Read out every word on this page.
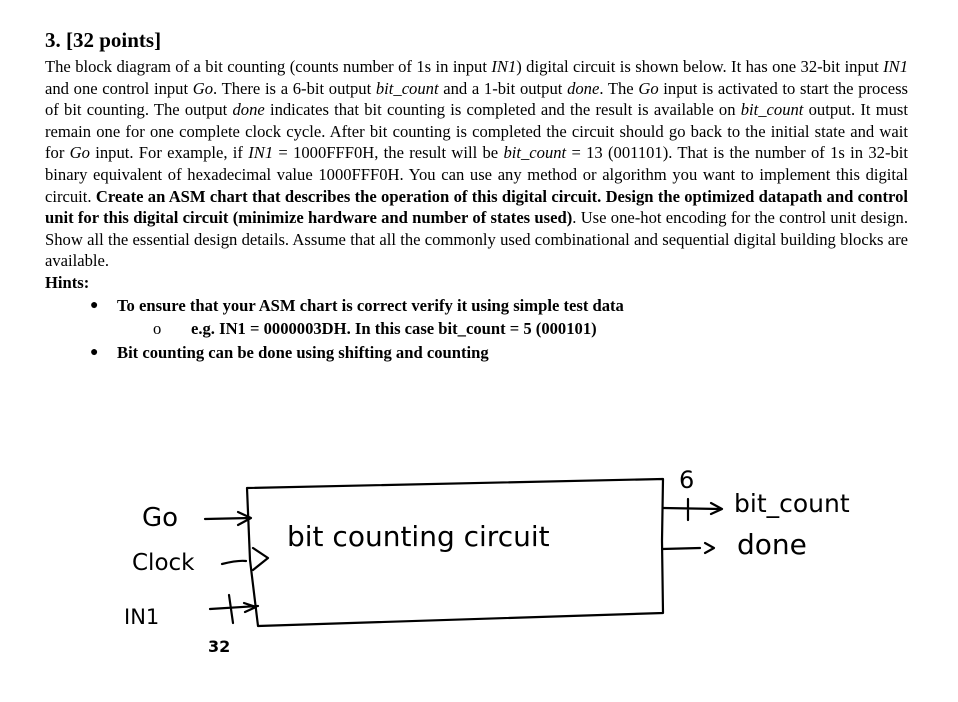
3. [32 points]

The block diagram of a bit counting (counts number of 1s in input IN1) digital circuit is shown below. It has one 32-bit input IN1 and one control input Go. There is a 6-bit output bit_count and a 1-bit output done. The Go input is activated to start the process of bit counting. The output done indicates that bit counting is completed and the result is available on bit_count output. It must remain one for one complete clock cycle. After bit counting is completed the circuit should go back to the initial state and wait for Go input. For example, if IN1 = 1000FFF0H, the result will be bit_count = 13 (001101). That is the number of 1s in 32-bit binary equivalent of hexadecimal value 1000FFF0H. You can use any method or algorithm you want to implement this digital circuit. Create an ASM chart that describes the operation of this digital circuit. Design the optimized datapath and control unit for this digital circuit (minimize hardware and number of states used). Use one-hot encoding for the control unit design. Show all the essential design details. Assume that all the commonly used combinational and sequential digital building blocks are available.

Hints:
● To ensure that your ASM chart is correct verify it using simple test data
o e.g. IN1 = 0000003DH. In this case bit_count = 5 (000101)
● Bit counting can be done using shifting and counting
Go
Clock
IN1
32
bit counting circuit
6
bit_count
done
